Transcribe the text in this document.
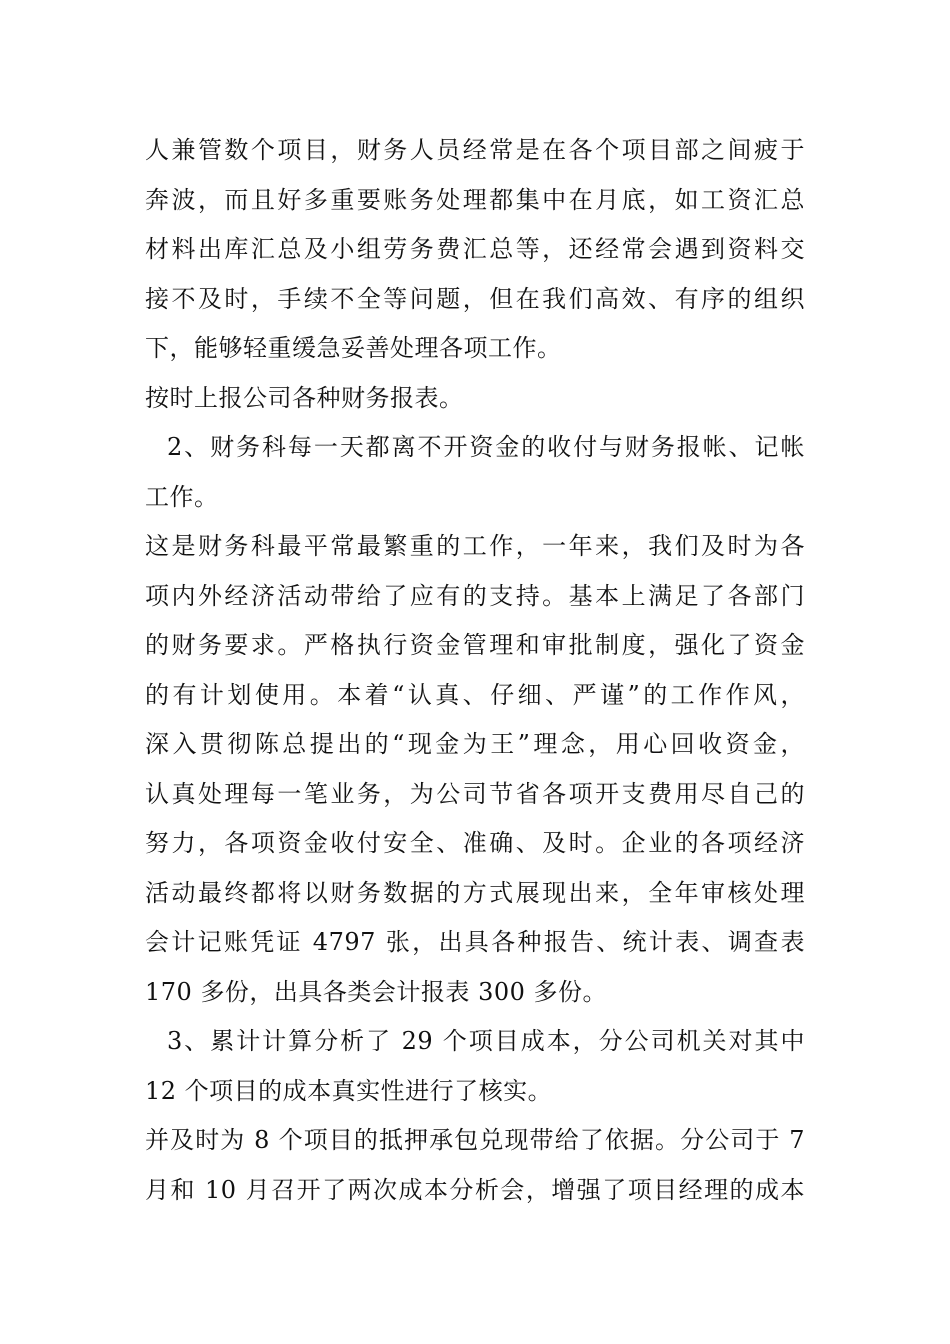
人兼管数个项目，财务人员经常是在各个项目部之间疲于
奔波，而且好多重要账务处理都集中在月底，如工资汇总
材料出库汇总及小组劳务费汇总等，还经常会遇到资料交
接不及时，手续不全等问题，但在我们高效、有序的组织
下，能够轻重缓急妥善处理各项工作。
按时上报公司各种财务报表。
2、财务科每一天都离不开资金的收付与财务报帐、记帐
工作。
这是财务科最平常最繁重的工作，一年来，我们及时为各
项内外经济活动带给了应有的支持。基本上满足了各部门
的财务要求。严格执行资金管理和审批制度，强化了资金
的有计划使用。本着“认真、仔细、严谨”的工作作风，
深入贯彻陈总提出的“现金为王”理念，用心回收资金，
认真处理每一笔业务，为公司节省各项开支费用尽自己的
努力，各项资金收付安全、准确、及时。企业的各项经济
活动最终都将以财务数据的方式展现出来，全年审核处理
会计记账凭证 4797 张，出具各种报告、统计表、调查表
170 多份，出具各类会计报表 300 多份。
3、累计计算分析了 29 个项目成本，分公司机关对其中
12 个项目的成本真实性进行了核实。
并及时为 8 个项目的抵押承包兑现带给了依据。分公司于 7
月和 10 月召开了两次成本分析会，增强了项目经理的成本
